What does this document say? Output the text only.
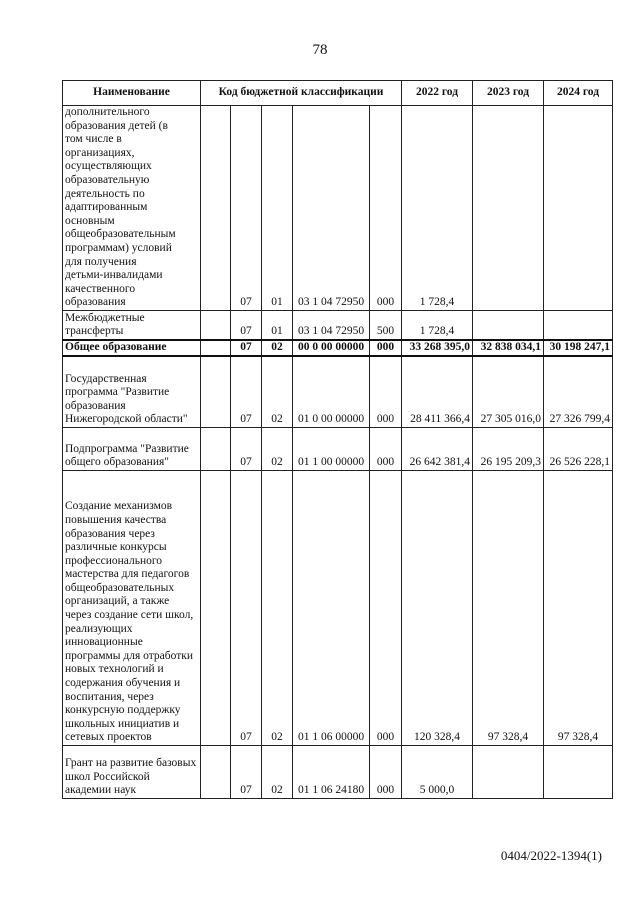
78
Наименование	Код бюджетной классификации					2022 год	2023 год	2024 год

дополнительного образования детей (в том числе в организациях, осуществляющих образовательную деятельность по адаптированным основным общеобразовательным программам) условий для получения детьми-инвалидами качественного образования		07	01	03 1 04 72950	000	1 728,4		

Межбюджетные трансферты		07	01	03 1 04 72950	500	1 728,4		

Общее образование		07	02	00 0 00 00000	000	33 268 395,0	32 838 034,1	30 198 247,1

Государственная программа "Развитие образования Нижегородской области"		07	02	01 0 00 00000	000	28 411 366,4	27 305 016,0	27 326 799,4

Подпрограмма "Развитие общего образования"		07	02	01 1 00 00000	000	26 642 381,4	26 195 209,3	26 526 228,1

Создание механизмов повышения качества образования через различные конкурсы профессионального мастерства для педагогов общеобразовательных организаций, а также через создание сети школ, реализующих инновационные программы для отработки новых технологий и содержания обучения и воспитания, через конкурсную поддержку школьных инициатив и сетевых проектов		07	02	01 1 06 00000	000	120 328,4	97 328,4	97 328,4

Грант на развитие базовых школ Российской академии наук		07	02	01 1 06 24180	000	5 000,0		
0404/2022-1394(1)
